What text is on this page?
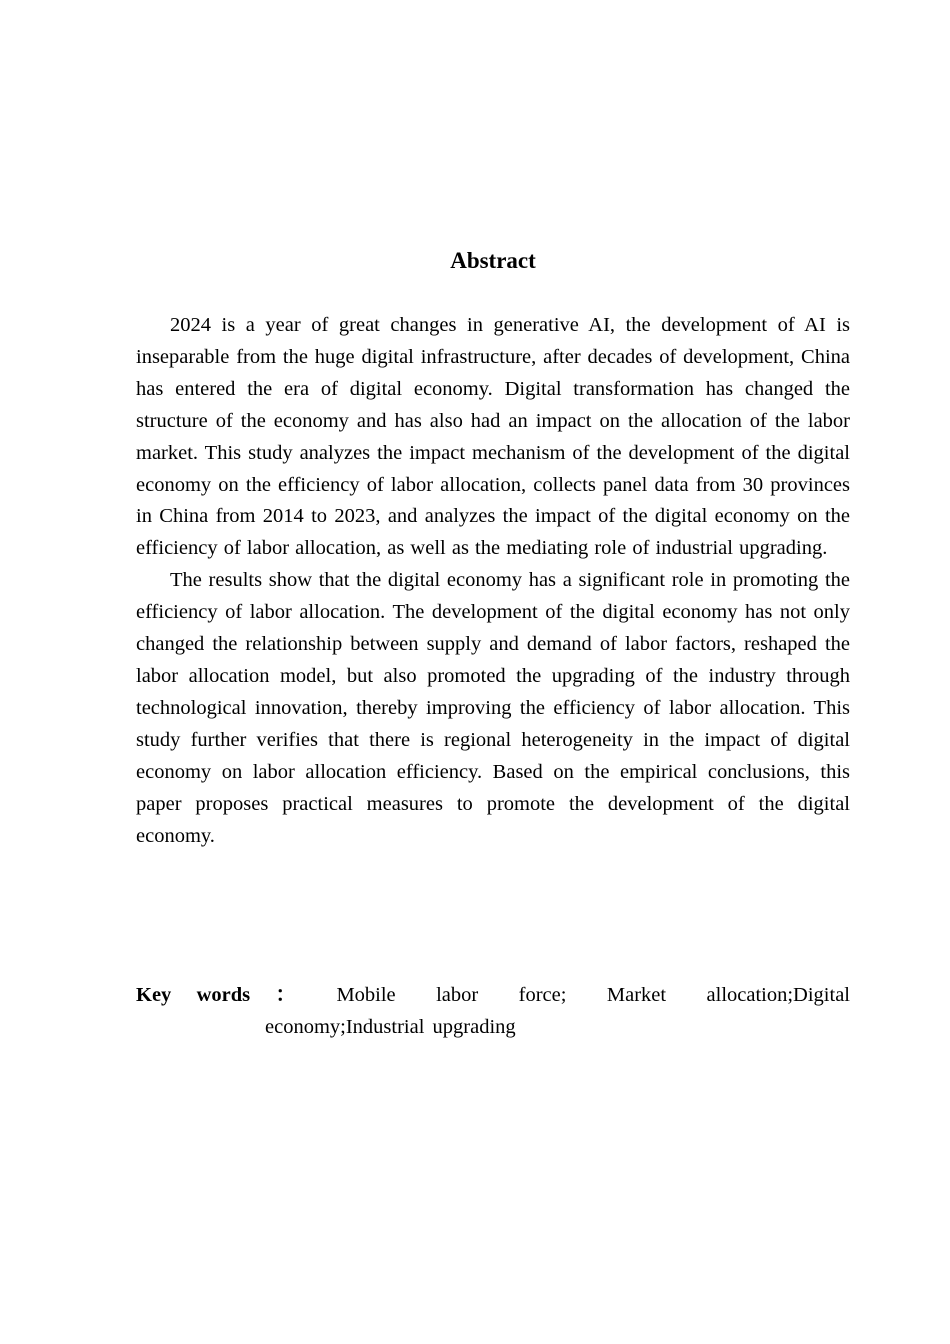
Abstract

2024 is a year of great changes in generative AI, the development of AI is inseparable from the huge digital infrastructure, after decades of development, China has entered the era of digital economy. Digital transformation has changed the structure of the economy and has also had an impact on the allocation of the labor market. This study analyzes the impact mechanism of the development of the digital economy on the efficiency of labor allocation, collects panel data from 30 provinces in China from 2014 to 2023, and analyzes the impact of the digital economy on the efficiency of labor allocation, as well as the mediating role of industrial upgrading.

The results show that the digital economy has a significant role in promoting the efficiency of labor allocation. The development of the digital economy has not only changed the relationship between supply and demand of labor factors, reshaped the labor allocation model, but also promoted the upgrading of the industry through technological innovation, thereby improving the efficiency of labor allocation. This study further verifies that there is regional heterogeneity in the impact of digital economy on labor allocation efficiency. Based on the empirical conclusions, this paper proposes practical measures to promote the development of the digital economy.

Key words ： Mobile labor force; Market allocation;Digital
economy;Industrial upgrading
